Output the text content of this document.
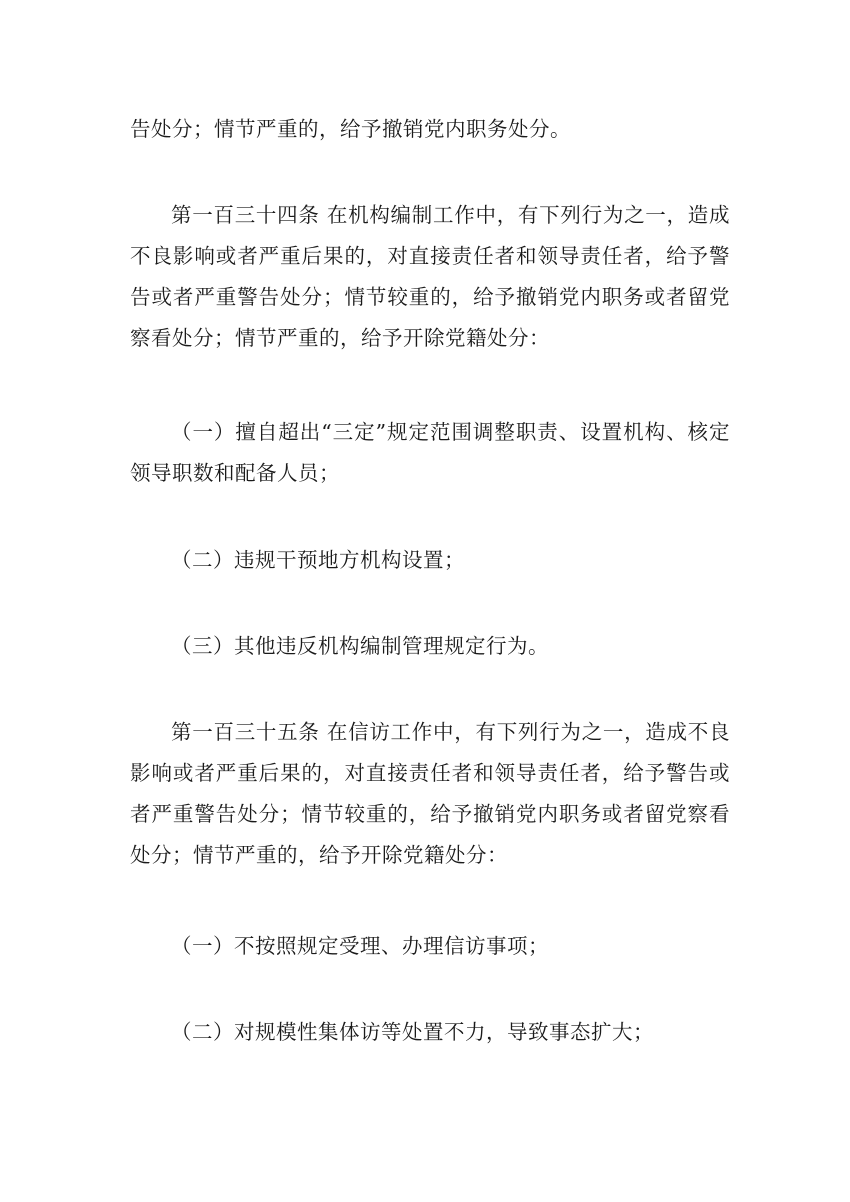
告处分；情节严重的，给予撤销党内职务处分。

第一百三十四条 在机构编制工作中，有下列行为之一，造成不良影响或者严重后果的，对直接责任者和领导责任者，给予警告或者严重警告处分；情节较重的，给予撤销党内职务或者留党察看处分；情节严重的，给予开除党籍处分：

（一）擅自超出“三定”规定范围调整职责、设置机构、核定领导职数和配备人员；

（二）违规干预地方机构设置；

（三）其他违反机构编制管理规定行为。

第一百三十五条 在信访工作中，有下列行为之一，造成不良影响或者严重后果的，对直接责任者和领导责任者，给予警告或者严重警告处分；情节较重的，给予撤销党内职务或者留党察看处分；情节严重的，给予开除党籍处分：

（一）不按照规定受理、办理信访事项；

（二）对规模性集体访等处置不力，导致事态扩大；
